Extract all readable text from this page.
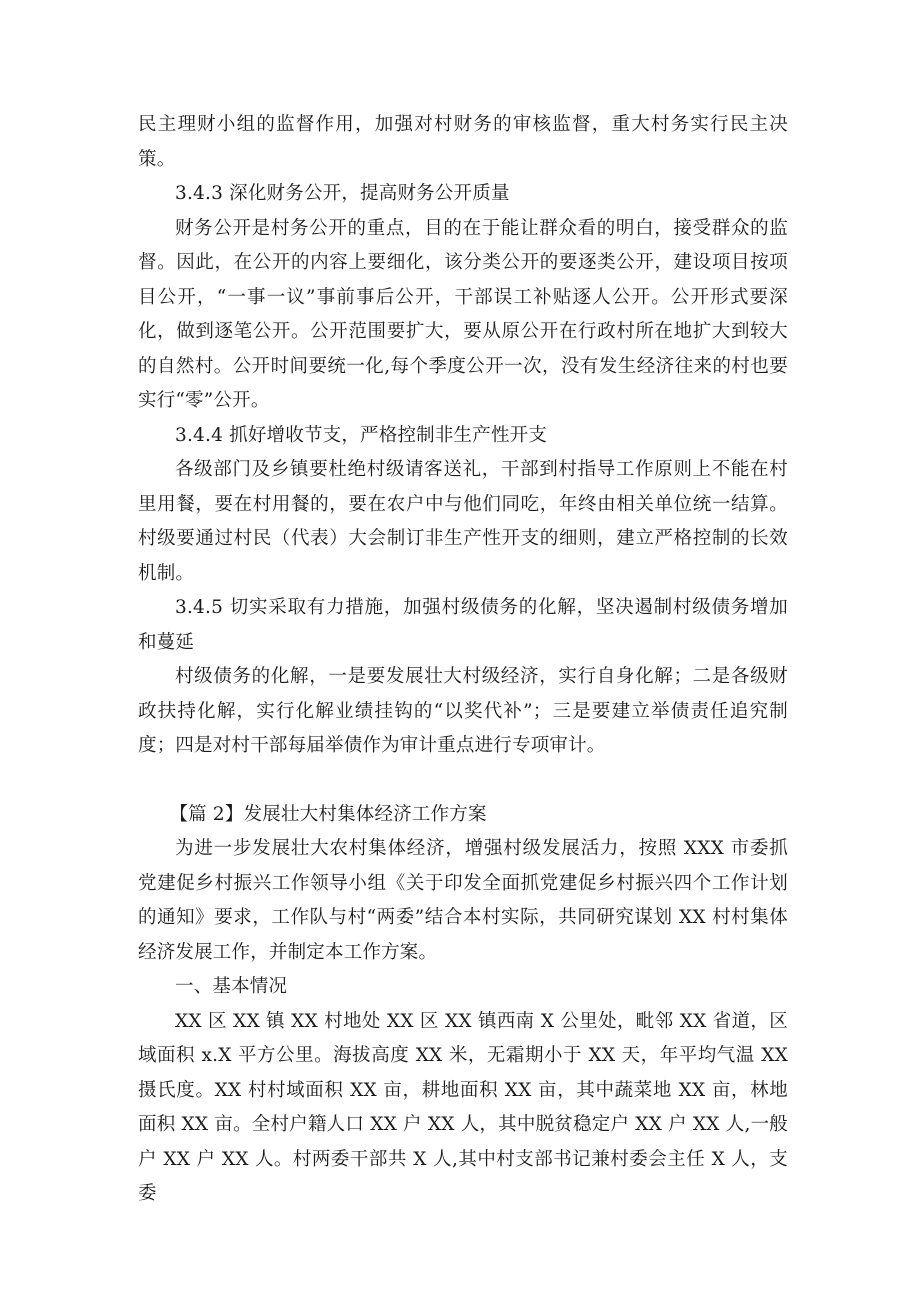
民主理财小组的监督作用，加强对村财务的审核监督，重大村务实行民主决策。

3.4.3 深化财务公开，提高财务公开质量

财务公开是村务公开的重点，目的在于能让群众看的明白，接受群众的监督。因此，在公开的内容上要细化，该分类公开的要逐类公开，建设项目按项目公开，“一事一议”事前事后公开，干部误工补贴逐人公开。公开形式要深化，做到逐笔公开。公开范围要扩大，要从原公开在行政村所在地扩大到较大的自然村。公开时间要统一化,每个季度公开一次，没有发生经济往来的村也要实行“零”公开。

3.4.4 抓好增收节支，严格控制非生产性开支

各级部门及乡镇要杜绝村级请客送礼，干部到村指导工作原则上不能在村里用餐，要在村用餐的，要在农户中与他们同吃，年终由相关单位统一结算。村级要通过村民（代表）大会制订非生产性开支的细则，建立严格控制的长效机制。

3.4.5 切实采取有力措施，加强村级债务的化解，坚决遏制村级债务增加和蔓延

村级债务的化解，一是要发展壮大村级经济，实行自身化解；二是各级财政扶持化解，实行化解业绩挂钩的“以奖代补”；三是要建立举债责任追究制度；四是对村干部每届举债作为审计重点进行专项审计。

【篇 2】发展壮大村集体经济工作方案

为进一步发展壮大农村集体经济，增强村级发展活力，按照 XXX 市委抓党建促乡村振兴工作领导小组《关于印发全面抓党建促乡村振兴四个工作计划的通知》要求，工作队与村“两委”结合本村实际，共同研究谋划 XX 村村集体经济发展工作，并制定本工作方案。

一、基本情况

XX 区 XX 镇 XX 村地处 XX 区 XX 镇西南 X 公里处，毗邻 XX 省道，区域面积 x.X 平方公里。海拔高度 XX 米，无霜期小于 XX 天，年平均气温 XX 摄氏度。XX 村村域面积 XX 亩，耕地面积 XX 亩，其中蔬菜地 XX 亩，林地面积 XX 亩。全村户籍人口 XX 户 XX 人，其中脱贫稳定户 XX 户 XX 人,一般户 XX 户 XX 人。村两委干部共 X 人,其中村支部书记兼村委会主任 X 人，支委
